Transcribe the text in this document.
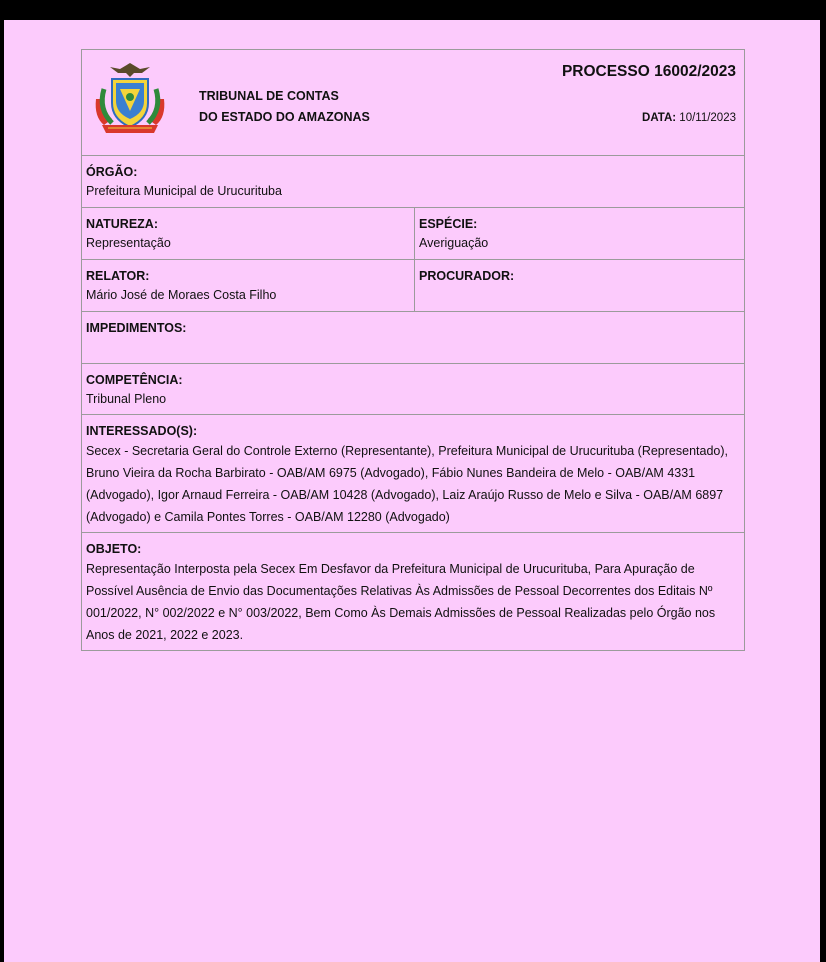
TRIBUNAL DE CONTAS
DO ESTADO DO AMAZONAS
PROCESSO 16002/2023
DATA: 10/11/2023
ÓRGÃO:
Prefeitura Municipal de Urucurituba
NATUREZA:
Representação
ESPÉCIE:
Averiguação
RELATOR:
Mário José de Moraes Costa Filho
PROCURADOR:
IMPEDIMENTOS:
COMPETÊNCIA:
Tribunal Pleno
INTERESSADO(S):
Secex - Secretaria Geral do Controle Externo (Representante), Prefeitura Municipal de Urucurituba (Representado), Bruno Vieira da Rocha Barbirato - OAB/AM 6975 (Advogado), Fábio Nunes Bandeira de Melo - OAB/AM 4331 (Advogado), Igor Arnaud Ferreira - OAB/AM 10428 (Advogado), Laiz Araújo Russo de Melo e Silva - OAB/AM 6897 (Advogado) e Camila Pontes Torres - OAB/AM 12280 (Advogado)
OBJETO:
Representação Interposta pela Secex Em Desfavor da Prefeitura Municipal de Urucurituba, Para Apuração de Possível Ausência de Envio das Documentações Relativas Às Admissões de Pessoal Decorrentes dos Editais Nº 001/2022, N° 002/2022 e N° 003/2022, Bem Como Às Demais Admissões de Pessoal Realizadas pelo Órgão nos Anos de 2021, 2022 e 2023.
